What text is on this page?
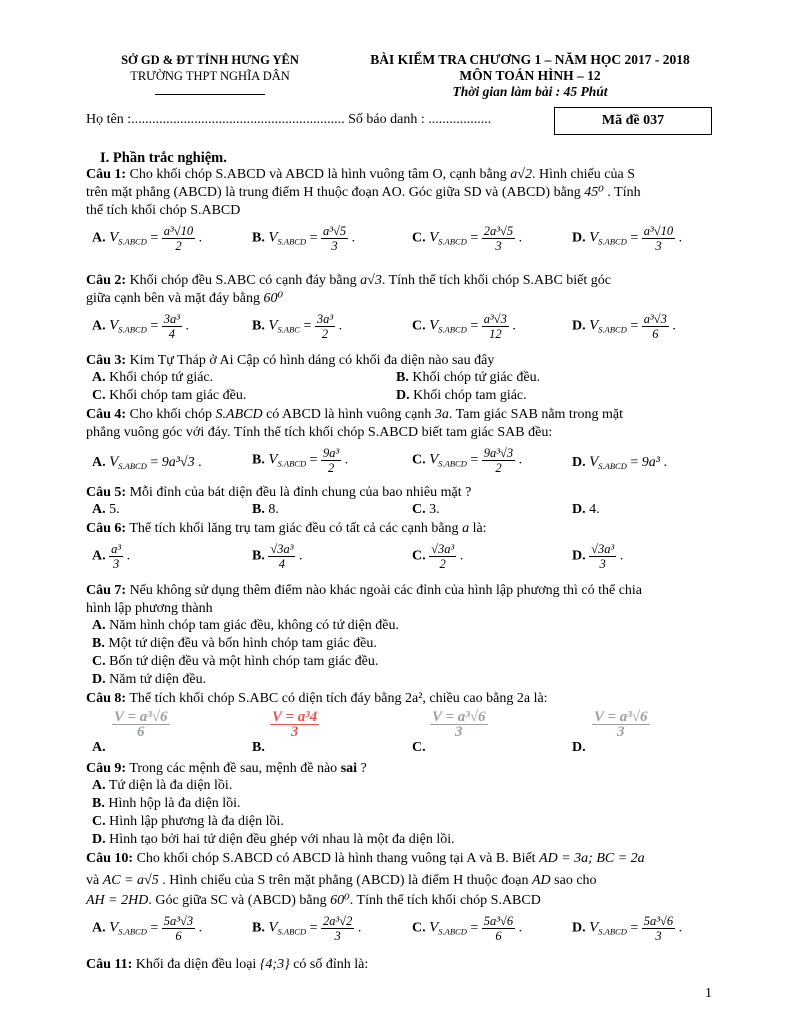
SỞ GD & ĐT TỈNH HƯNG YÊN
TRƯỜNG THPT NGHĨA DÂN
BÀI KIỂM TRA CHƯƠNG 1 – NĂM HỌC 2017 - 2018
MÔN TOÁN HÌNH – 12
Thời gian làm bài : 45 Phút
Họ tên :............................................................. Số báo danh : ..................	Mã đề 037
I. Phần trắc nghiệm.
Câu 1: Cho khối chóp S.ABCD và ABCD là hình vuông tâm O, cạnh bằng a√2. Hình chiếu của S
trên mặt phẳng (ABCD) là trung điểm H thuộc đoạn AO. Góc giữa SD và (ABCD) bằng 45⁰ . Tính
thể tích khối chóp S.ABCD
A. $V_{S.ABCD} = \frac{\text{a³√10}}{2}$ .	B. $V_{S.ABCD} = \frac{\text{a³√5}}{3}$ .	C. $V_{S.ABCD} = \frac{\text{2a³√5}}{3}$ .	D. $V_{S.ABCD} = \frac{\text{a³√10}}{3}$ .
Câu 2: Khối chóp đều S.ABC có cạnh đáy bằng a√3. Tính thể tích khối chóp S.ABC biết góc
giữa cạnh bên và mặt đáy bằng 60⁰
A. $V_{S.ABCD} = \frac{\text{3a³}}{4}$ .	B. $V_{S.ABC} = \frac{\text{3a³}}{2}$ .	C. $V_{S.ABCD} = \frac{\text{a³√3}}{12}$ .	D. $V_{S.ABCD} = \frac{\text{a³√3}}{6}$ .
Câu 3: Kim Tự Tháp ở Ai Cập có hình dáng có khối đa diện nào sau đây
A. Khối chóp tứ giác.	B. Khối chóp tứ giác đều.
C. Khối chóp tam giác đều.	D. Khối chóp tam giác.
Câu 4: Cho khối chóp S.ABCD có ABCD là hình vuông cạnh 3a. Tam giác SAB nằm trong mặt
phẳng vuông góc với đáy. Tính thể tích khối chóp S.ABCD biết tam giác SAB đều:
A. $V_{S.ABCD} = 9a^3√3$ .	B. $V_{S.ABCD} = \frac{\text{9a³}}{2}$ .	C. $V_{S.ABCD} = \frac{\text{9a³√3}}{2}$ .	D. $V_{S.ABCD} = 9a^3$ .
Câu 5: Mỗi đỉnh của bát diện đều là đỉnh chung của bao nhiêu mặt ?
A. 5.	B. 8.	C. 3.	D. 4.
Câu 6: Thể tích khối lăng trụ tam giác đều có tất cả các cạnh bằng a là:
A. $\frac{\text{a³}}{3}$ .	B. $\frac{\text{√3a³}}{4}$ .	C. $\frac{\text{√3a³}}{2}$ .	D. $\frac{\text{√3a³}}{3}$ .
Câu 7: Nếu không sử dụng thêm điểm nào khác ngoài các đỉnh của hình lập phương thì có thể chia
hình lập phương thành
A. Năm hình chóp tam giác đều, không có tứ diện đều.
B. Một tứ diện đều và bốn hình chóp tam giác đều.
C. Bốn tứ diện đều và một hình chóp tam giác đều.
D. Năm tứ diện đều.
Câu 8: Thể tích khối chóp S.ABC có diện tích đáy bằng 2a², chiều cao bằng 2a là:
A.
$\frac{\text{V = a³√6}}{6}$
B.
$\frac{\text{V = a³4}}{3}$
C.
$\frac{\text{V = a³√6}}{3}$
D.
$\frac{\text{V = a³√6}}{3}$
Câu 9: Trong các mệnh đề sau, mệnh đề nào sai ?
A. Tứ diện là đa diện lồi.
B. Hình hộp là đa diện lồi.
C. Hình lập phương là đa diện lồi.
D. Hình tạo bởi hai tứ diện đều ghép với nhau là một đa diện lồi.
Câu 10: Cho khối chóp S.ABCD có ABCD là hình thang vuông tại A và B. Biết AD = 3a; BC = 2a
và AC = a√5 . Hình chiếu của S trên mặt phẳng (ABCD) là điểm H thuộc đoạn AD sao cho
AH = 2HD. Góc giữa SC và (ABCD) bằng 60⁰. Tính thể tích khối chóp S.ABCD
A. $V_{S.ABCD} = \frac{\text{5a³√3}}{6}$ .	B. $V_{S.ABCD} = \frac{\text{2a³√2}}{3}$ .	C. $V_{S.ABCD} = \frac{\text{5a³√6}}{6}$ .	D. $V_{S.ABCD} = \frac{\text{5a³√6}}{3}$ .
Câu 11: Khối đa diện đều loại {4;3} có số đỉnh là:
1
